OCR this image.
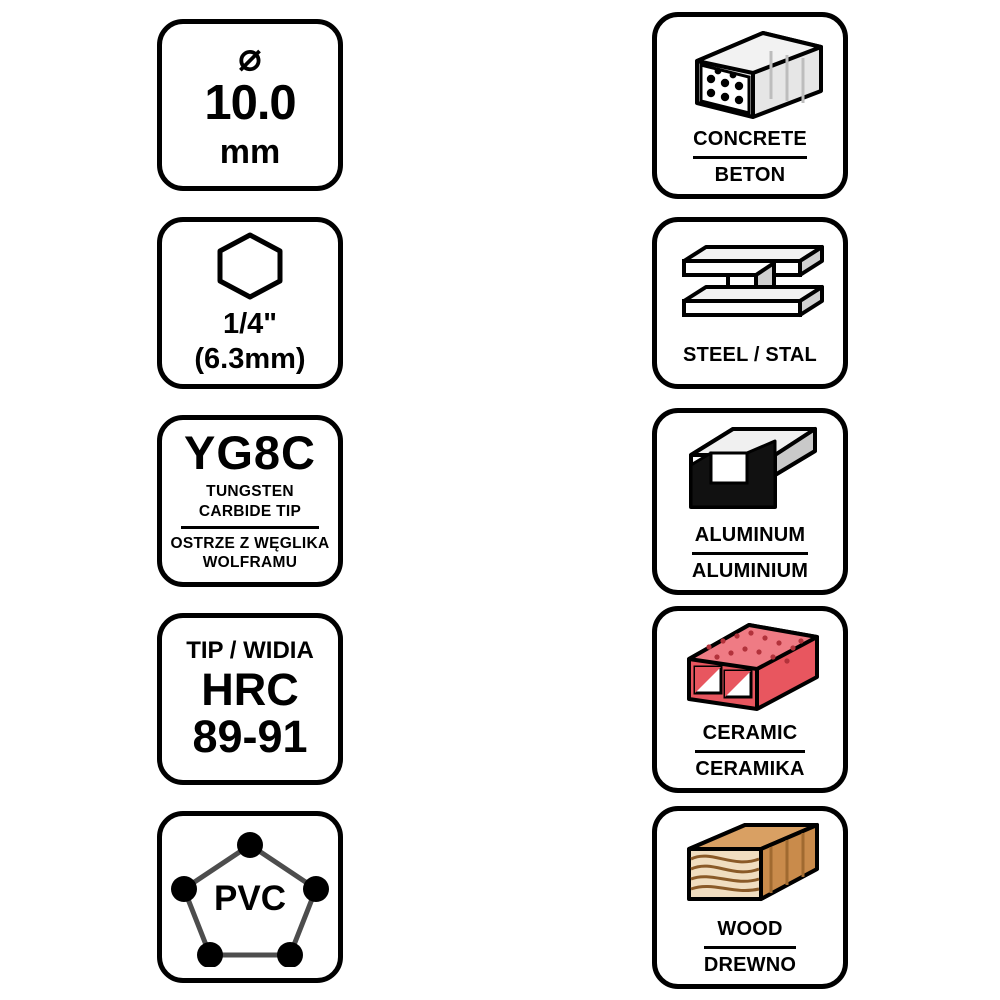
⌀
10.0
mm	CONCRETE
BETON
1/4"
(6.3mm)	STEEL / STAL
YG8C
TUNGSTEN CARBIDE TIP
OSTRZE Z WĘGLIKA
WOLFRAMU
ALUMINUM
ALUMINIUM
TIP / WIDIA
HRC
89-91	CERAMIC
CERAMIKA
PVC
WOOD
DREWNO
